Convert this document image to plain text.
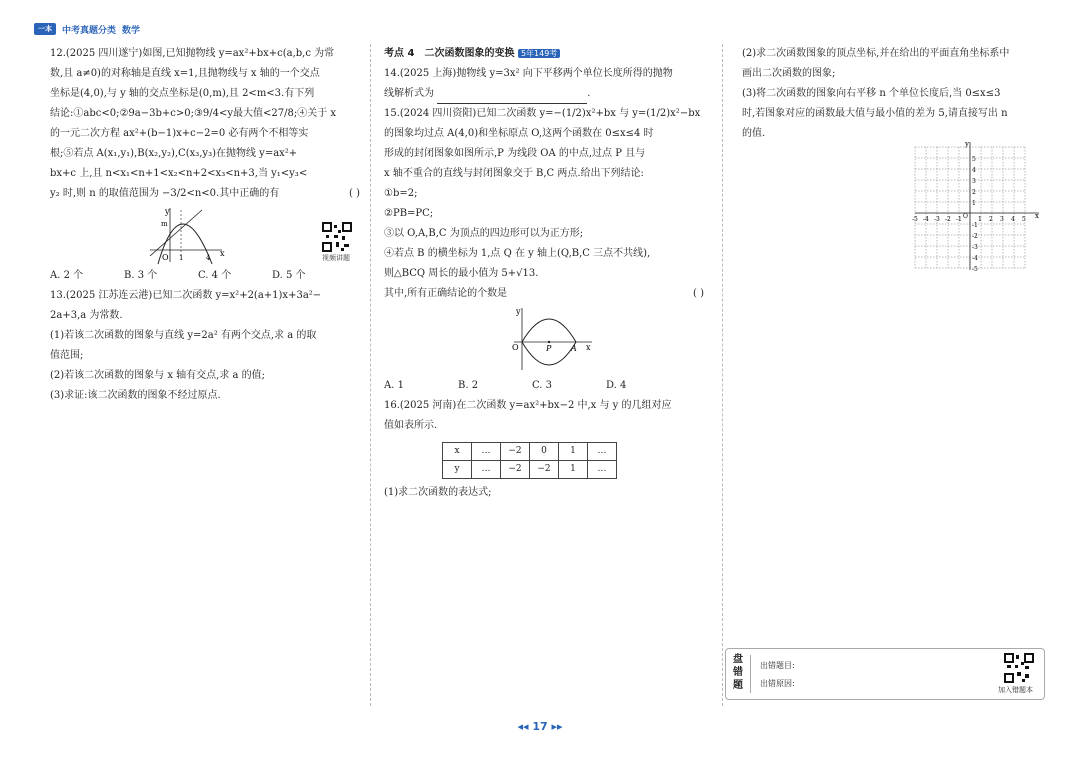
一本	中考真题分类 数学
12.(2025 四川遂宁)如图,已知抛物线 y=ax²+bx+c(a,b,c 为常
数,且 a≠0)的对称轴是直线 x=1,且抛物线与 x 轴的一个交点
坐标是(4,0),与 y 轴的交点坐标是(0,m),且 2<m<3.有下列
结论:①abc<0;②9a−3b+c>0;③9/4<y最大值<27/8;④关于 x
的一元二次方程 ax²+(b−1)x+c−2=0 必有两个不相等实
根;⑤若点 A(x₁,y₁),B(x₂,y₂),C(x₃,y₃)在抛物线 y=ax²+
bx+c 上,且 n<x₁<n+1<x₂<n+2<x₃<n+3,当 y₁<y₃<
y₂ 时,则 n 的取值范围为 −3/2<n<0.其中正确的有	( )
y
m
O 1	4 x
A. 2 个	B. 3 个	C. 4 个	D. 5 个
13.(2025 江苏连云港)已知二次函数 y=x²+2(a+1)x+3a²−
2a+3,a 为常数.
(1)若该二次函数的图象与直线 y=2a² 有两个交点,求 a 的取
值范围;
(2)若该二次函数的图象与 x 轴有交点,求 a 的值;
(3)求证:该二次函数的图象不经过原点.
视频讲题
考点 4　二次函数图象的变换 5年149考
14.(2025 上海)抛物线 y=3x² 向下平移两个单位长度所得的抛物
线解析式为	.
15.(2024 四川资阳)已知二次函数 y=−(1/2)x²+bx 与 y=(1/2)x²−bx
的图象均过点 A(4,0)和坐标原点 O,这两个函数在 0≤x≤4 时
形成的封闭图象如图所示,P 为线段 OA 的中点,过点 P 且与
x 轴不重合的直线与封闭图象交于 B,C 两点.给出下列结论:
①b=2;
②PB=PC;
③以 O,A,B,C 为顶点的四边形可以为正方形;
④若点 B 的横坐标为 1,点 Q 在 y 轴上(Q,B,C 三点不共线),
则△BCQ 周长的最小值为 5+√13.
其中,所有正确结论的个数是	( )
y
O	P A x
A. 1	B. 2	C. 3	D. 4
16.(2025 河南)在二次函数 y=ax²+bx−2 中,x 与 y 的几组对应
值如表所示.
x	…	−2	0	1	…
y	…	−2	−2	1	…
(1)求二次函数的表达式;
(2)求二次函数图象的顶点坐标,并在给出的平面直角坐标系中
画出二次函数的图象;
(3)将二次函数的图象向右平移 n 个单位长度后,当 0≤x≤3
时,若图象对应的函数最大值与最小值的差为 5,请直接写出 n
的值.
y
x
O
-5 -4 -3 -2 -1	1 2 3 4 5
5
4
3
2
1
-1
-2
-3
-4
-5
盘错题
出错题目:
出错原因:
加入错题本
◂◂ 17 ▸▸
